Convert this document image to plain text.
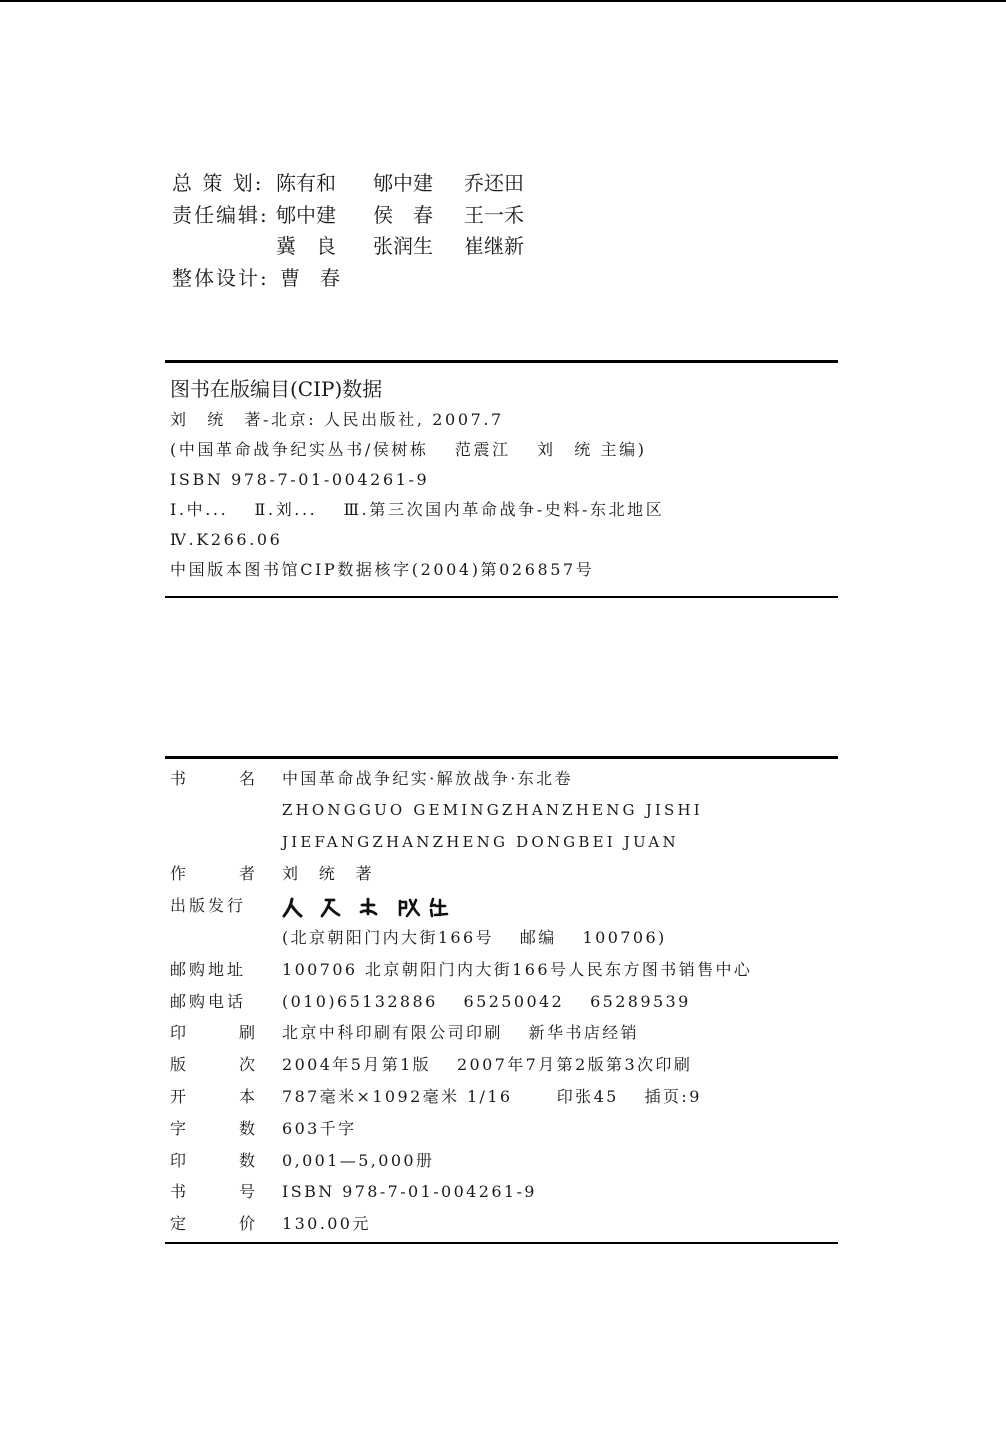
总 策 划: 陈有和 郇中建 乔还田
责任编辑: 郇中建 侯　春 王一禾
冀　良 张润生 崔继新
整体设计: 曹　春
图书在版编目(CIP)数据
刘　统　著-北京: 人民出版社, 2007.7
(中国革命战争纪实丛书/侯树栋　 范震江　 刘　统 主编)
ISBN 978-7-01-004261-9
Ⅰ.中...　 Ⅱ.刘...　 Ⅲ.第三次国内革命战争-史料-东北地区
Ⅳ.K266.06
中国版本图书馆CIP数据核字(2004)第026857号
书	名 中国革命战争纪实·解放战争·东北卷
ZHONGGUO GEMINGZHANZHENG JISHI
JIEFANGZHANZHENG DONGBEI JUAN
作	者 刘　统　著
出版发行
(北京朝阳门内大街166号　 邮编　 100706)
邮购地址 100706 北京朝阳门内大街166号人民东方图书销售中心
邮购电话 (010)65132886　 65250042　 65289539
印	刷 北京中科印刷有限公司印刷　 新华书店经销
版	次 2004年5月第1版　 2007年7月第2版第3次印刷
开	本 787毫米×1092毫米 1/16　　 印张45　 插页:9
字	数 603千字
印	数 0,001—5,000册
书	号 ISBN 978-7-01-004261-9
定	价 130.00元
